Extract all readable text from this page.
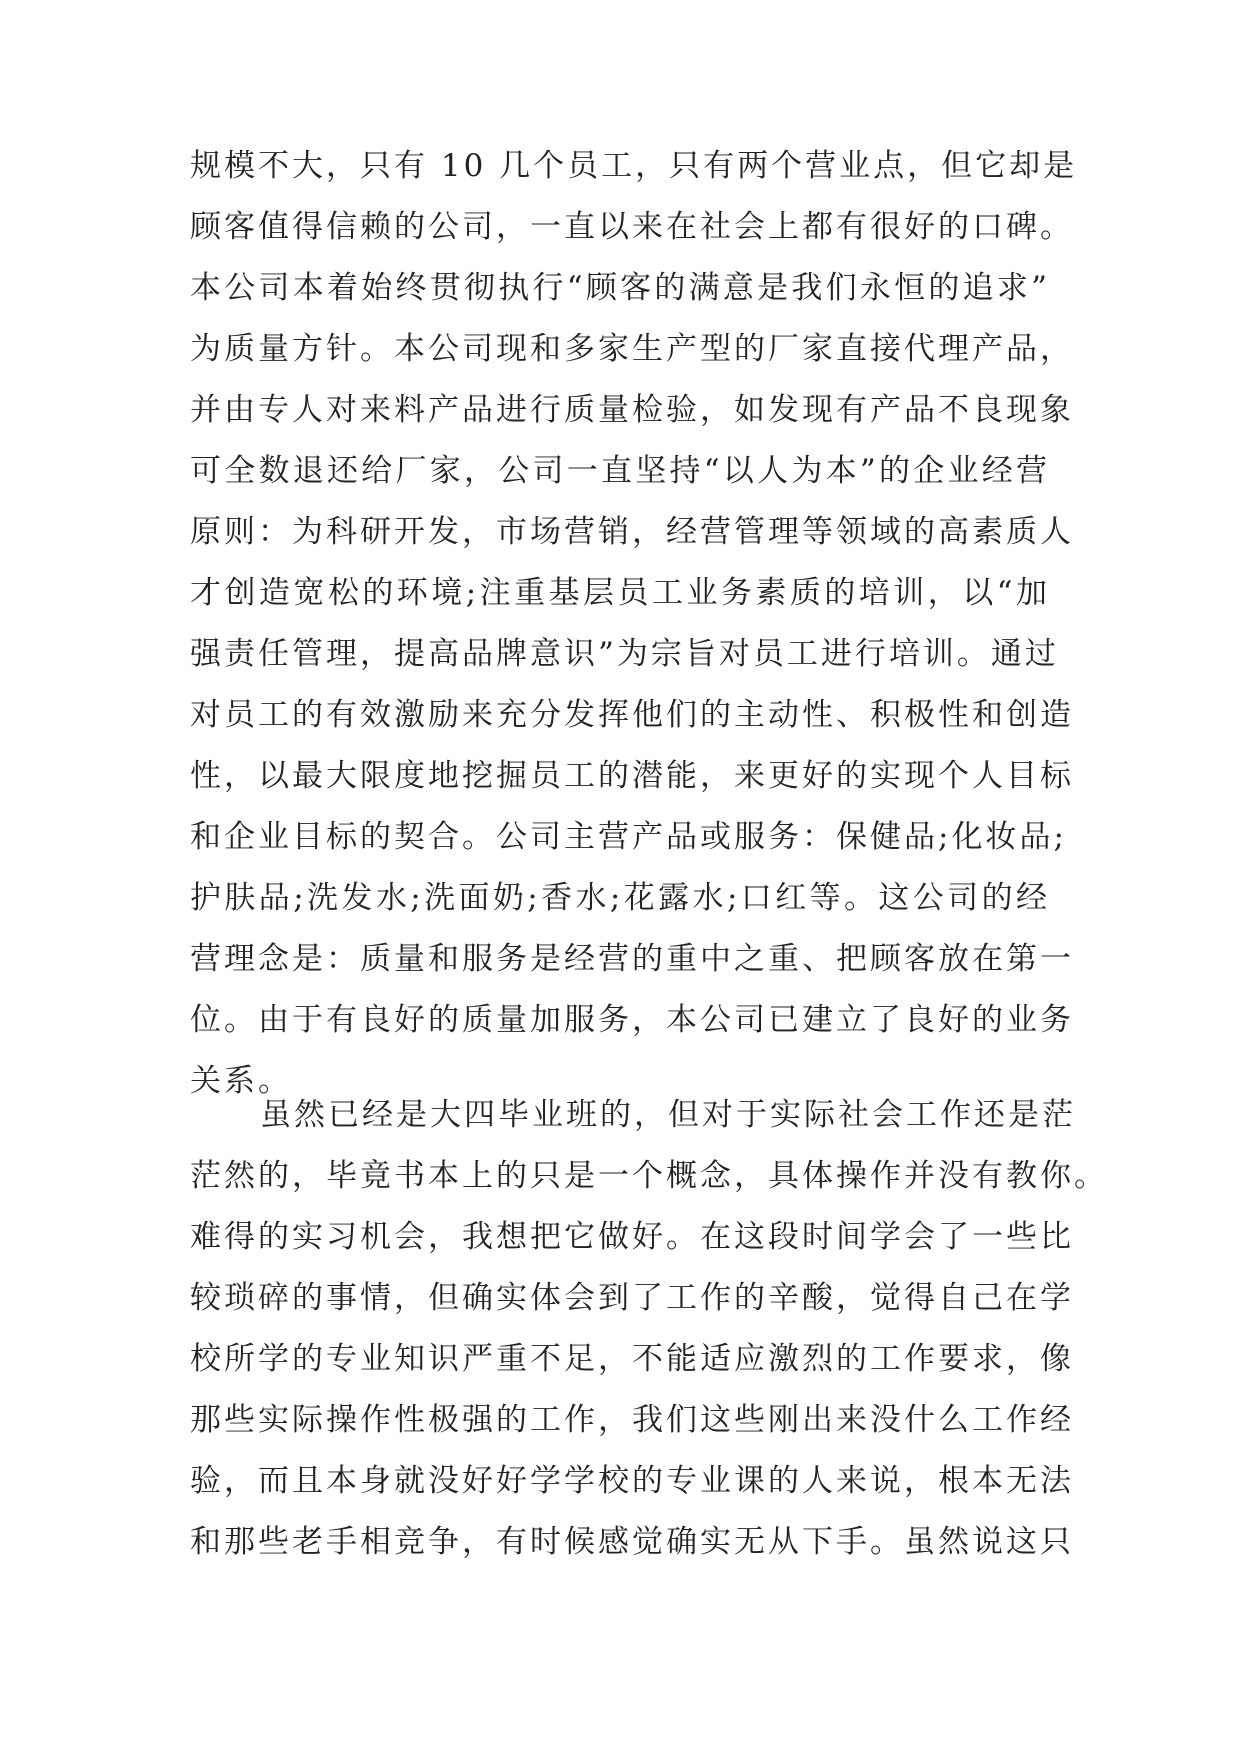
规模不大，只有 10 几个员工，只有两个营业点，但它却是
顾客值得信赖的公司，一直以来在社会上都有很好的口碑。
本公司本着始终贯彻执行“顾客的满意是我们永恒的追求”
为质量方针。本公司现和多家生产型的厂家直接代理产品，
并由专人对来料产品进行质量检验，如发现有产品不良现象
可全数退还给厂家，公司一直坚持“以人为本”的企业经营
原则：为科研开发，市场营销，经营管理等领域的高素质人
才创造宽松的环境;注重基层员工业务素质的培训，以“加
强责任管理，提高品牌意识”为宗旨对员工进行培训。通过
对员工的有效激励来充分发挥他们的主动性、积极性和创造
性，以最大限度地挖掘员工的潜能，来更好的实现个人目标
和企业目标的契合。公司主营产品或服务：保健品;化妆品;
护肤品;洗发水;洗面奶;香水;花露水;口红等。这公司的经
营理念是：质量和服务是经营的重中之重、把顾客放在第一
位。由于有良好的质量加服务，本公司已建立了良好的业务
关系。
虽然已经是大四毕业班的，但对于实际社会工作还是茫
茫然的，毕竟书本上的只是一个概念，具体操作并没有教你。
难得的实习机会，我想把它做好。在这段时间学会了一些比
较琐碎的事情，但确实体会到了工作的辛酸，觉得自己在学
校所学的专业知识严重不足，不能适应激烈的工作要求，像
那些实际操作性极强的工作，我们这些刚出来没什么工作经
验，而且本身就没好好学学校的专业课的人来说，根本无法
和那些老手相竞争，有时候感觉确实无从下手。虽然说这只
